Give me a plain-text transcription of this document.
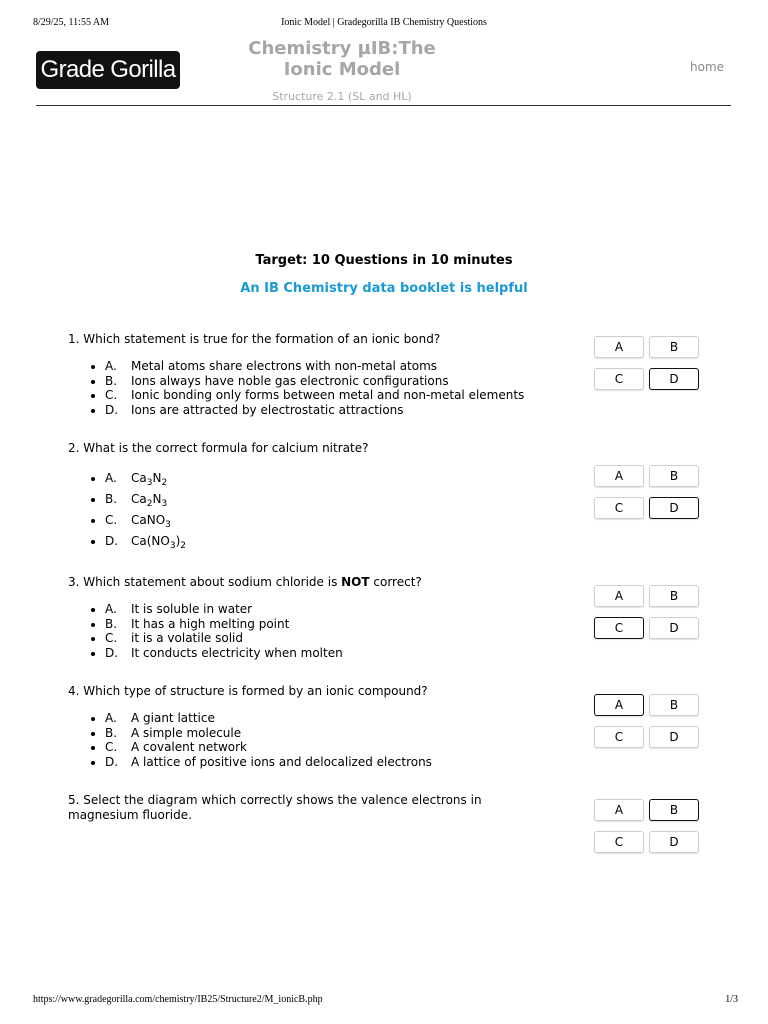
8/29/25, 11:55 AM	Ionic Model | Gradegorilla IB Chemistry Questions
Grade Gorilla
Chemistry µIB:The Ionic Model
Structure 2.1 (SL and HL)
home
Target: 10 Questions in 10 minutes
An IB Chemistry data booklet is helpful
1. Which statement is true for the formation of an ionic bond?
• A. Metal atoms share electrons with non-metal atoms
• B. Ions always have noble gas electronic configurations
• C. Ionic bonding only forms between metal and non-metal elements
• D. Ions are attracted by electrostatic attractions
A	B
C	D
2. What is the correct formula for calcium nitrate?
• A. $Ca_3N_2$
• B. $Ca_2N_3$
• C. CaNO$_3$
• D. $Ca(NO_3)_2$
A	B
C	D
3. Which statement about sodium chloride is NOT correct?
• A. It is soluble in water
• B. It has a high melting point
• C. it is a volatile solid
• D. It conducts electricity when molten
A	B
C	D
4. Which type of structure is formed by an ionic compound?
• A. A giant lattice
• B. A simple molecule
• C. A covalent network
• D. A lattice of positive ions and delocalized electrons
A	B
C	D
5. Select the diagram which correctly shows the valence electrons in magnesium fluoride.	A	B
C	D
https://www.gradegorilla.com/chemistry/IB25/Structure2/M_ionicB.php	1/3
